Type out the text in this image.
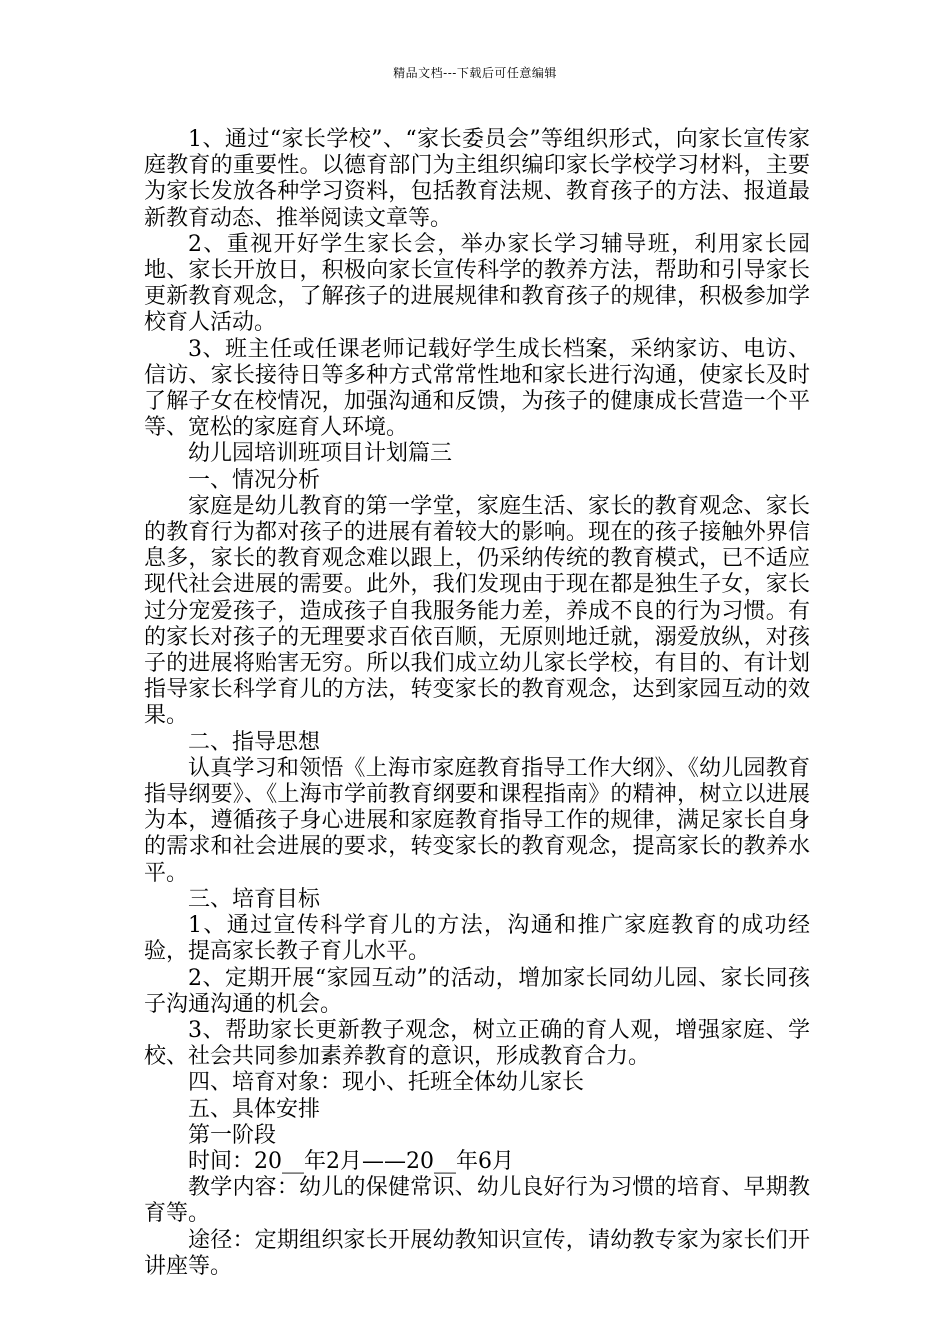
精品文档---下载后可任意编辑

1、通过“家长学校”、“家长委员会”等组织形式，向家长宣传家庭教育的重要性。以德育部门为主组织编印家长学校学习材料，主要为家长发放各种学习资料，包括教育法规、教育孩子的方法、报道最新教育动态、推举阅读文章等。

2、重视开好学生家长会，举办家长学习辅导班，利用家长园地、家长开放日，积极向家长宣传科学的教养方法，帮助和引导家长更新教育观念，了解孩子的进展规律和教育孩子的规律，积极参加学校育人活动。

3、班主任或任课老师记载好学生成长档案，采纳家访、电访、信访、家长接待日等多种方式常常性地和家长进行沟通，使家长及时了解子女在校情况，加强沟通和反馈，为孩子的健康成长营造一个平等、宽松的家庭育人环境。

幼儿园培训班项目计划篇三

一、情况分析

家庭是幼儿教育的第一学堂，家庭生活、家长的教育观念、家长的教育行为都对孩子的进展有着较大的影响。现在的孩子接触外界信息多，家长的教育观念难以跟上，仍采纳传统的教育模式，已不适应现代社会进展的需要。此外，我们发现由于现在都是独生子女，家长过分宠爱孩子，造成孩子自我服务能力差，养成不良的行为习惯。有的家长对孩子的无理要求百依百顺，无原则地迁就，溺爱放纵，对孩子的进展将贻害无穷。所以我们成立幼儿家长学校，有目的、有计划指导家长科学育儿的方法，转变家长的教育观念，达到家园互动的效果。

二、指导思想

认真学习和领悟《上海市家庭教育指导工作大纲》、《幼儿园教育指导纲要》、《上海市学前教育纲要和课程指南》的精神，树立以进展为本，遵循孩子身心进展和家庭教育指导工作的规律，满足家长自身的需求和社会进展的要求，转变家长的教育观念，提高家长的教养水平。

三、培育目标

1、通过宣传科学育儿的方法，沟通和推广家庭教育的成功经验，提高家长教子育儿水平。

2、定期开展“家园互动”的活动，增加家长同幼儿园、家长同孩子沟通沟通的机会。

3、帮助家长更新教子观念，树立正确的育人观，增强家庭、学校、社会共同参加素养教育的意识，形成教育合力。

四、培育对象：现小、托班全体幼儿家长

五、具体安排

第一阶段

时间：20__年2月——20__年6月

教学内容：幼儿的保健常识、幼儿良好行为习惯的培育、早期教育等。

途径：定期组织家长开展幼教知识宣传，请幼教专家为家长们开讲座等。
